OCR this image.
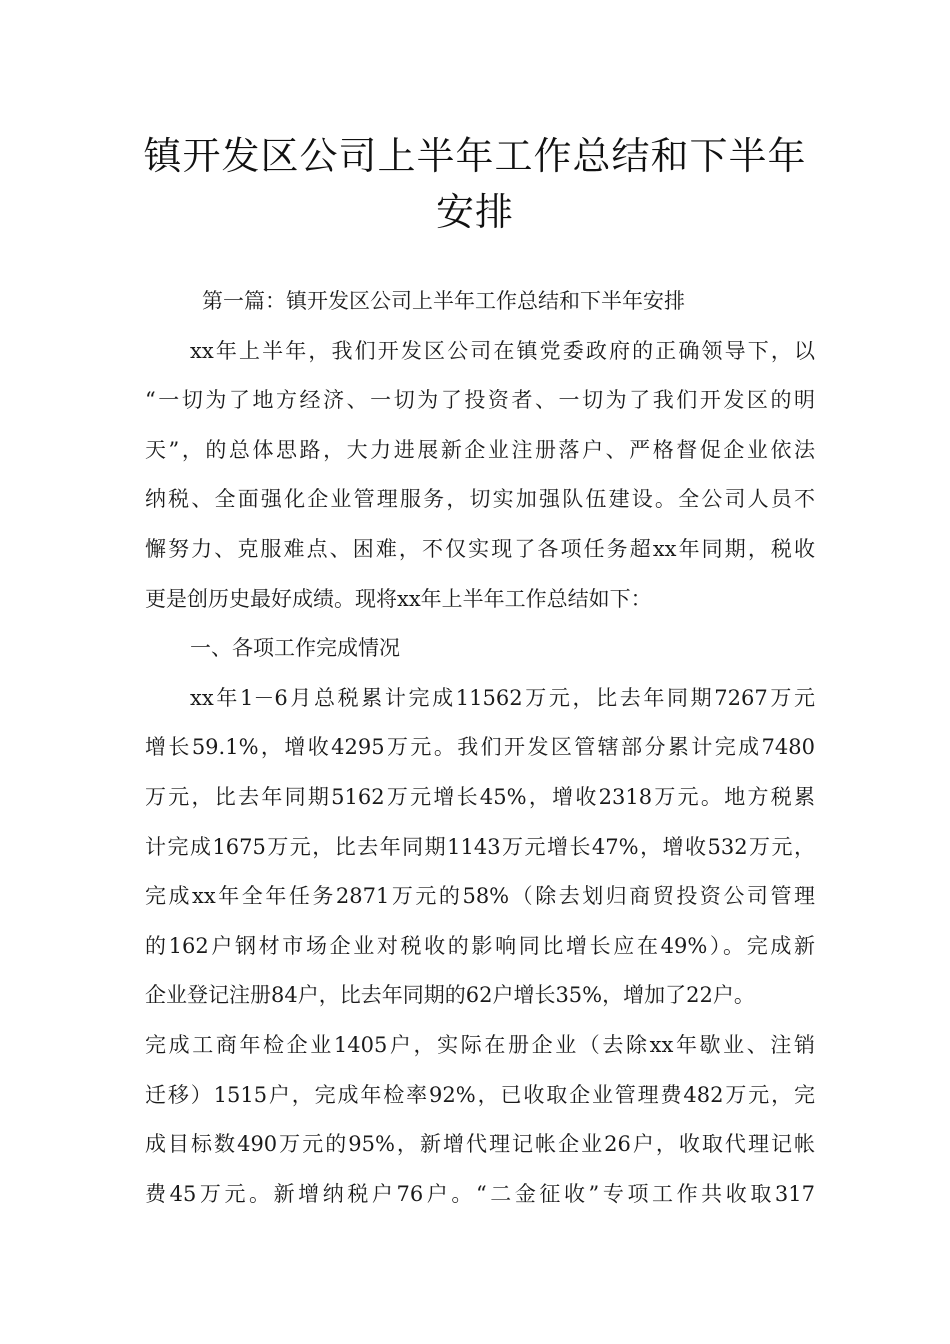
镇开发区公司上半年工作总结和下半年
安排
第一篇：镇开发区公司上半年工作总结和下半年安排
xx年上半年，我们开发区公司在镇党委政府的正确领导下，以
“一切为了地方经济、一切为了投资者、一切为了我们开发区的明
天”，的总体思路，大力进展新企业注册落户、严格督促企业依法
纳税、全面强化企业管理服务，切实加强队伍建设。全公司人员不
懈努力、克服难点、困难，不仅实现了各项任务超xx年同期，税收
更是创历史最好成绩。现将xx年上半年工作总结如下：
一、各项工作完成情况
xx年1－6月总税累计完成11562万元，比去年同期7267万元
增长59.1%，增收4295万元。我们开发区管辖部分累计完成7480
万元，比去年同期5162万元增长45%，增收2318万元。地方税累
计完成1675万元，比去年同期1143万元增长47%，增收532万元，
完成xx年全年任务2871万元的58%（除去划归商贸投资公司管理
的162户钢材市场企业对税收的影响同比增长应在49%）。完成新
企业登记注册84户，比去年同期的62户增长35%，增加了22户。
完成工商年检企业1405户，实际在册企业（去除xx年歇业、注销
迁移）1515户，完成年检率92%，已收取企业管理费482万元，完
成目标数490万元的95%，新增代理记帐企业26户，收取代理记帐
费45万元。新增纳税户76户。“二金征收”专项工作共收取317
